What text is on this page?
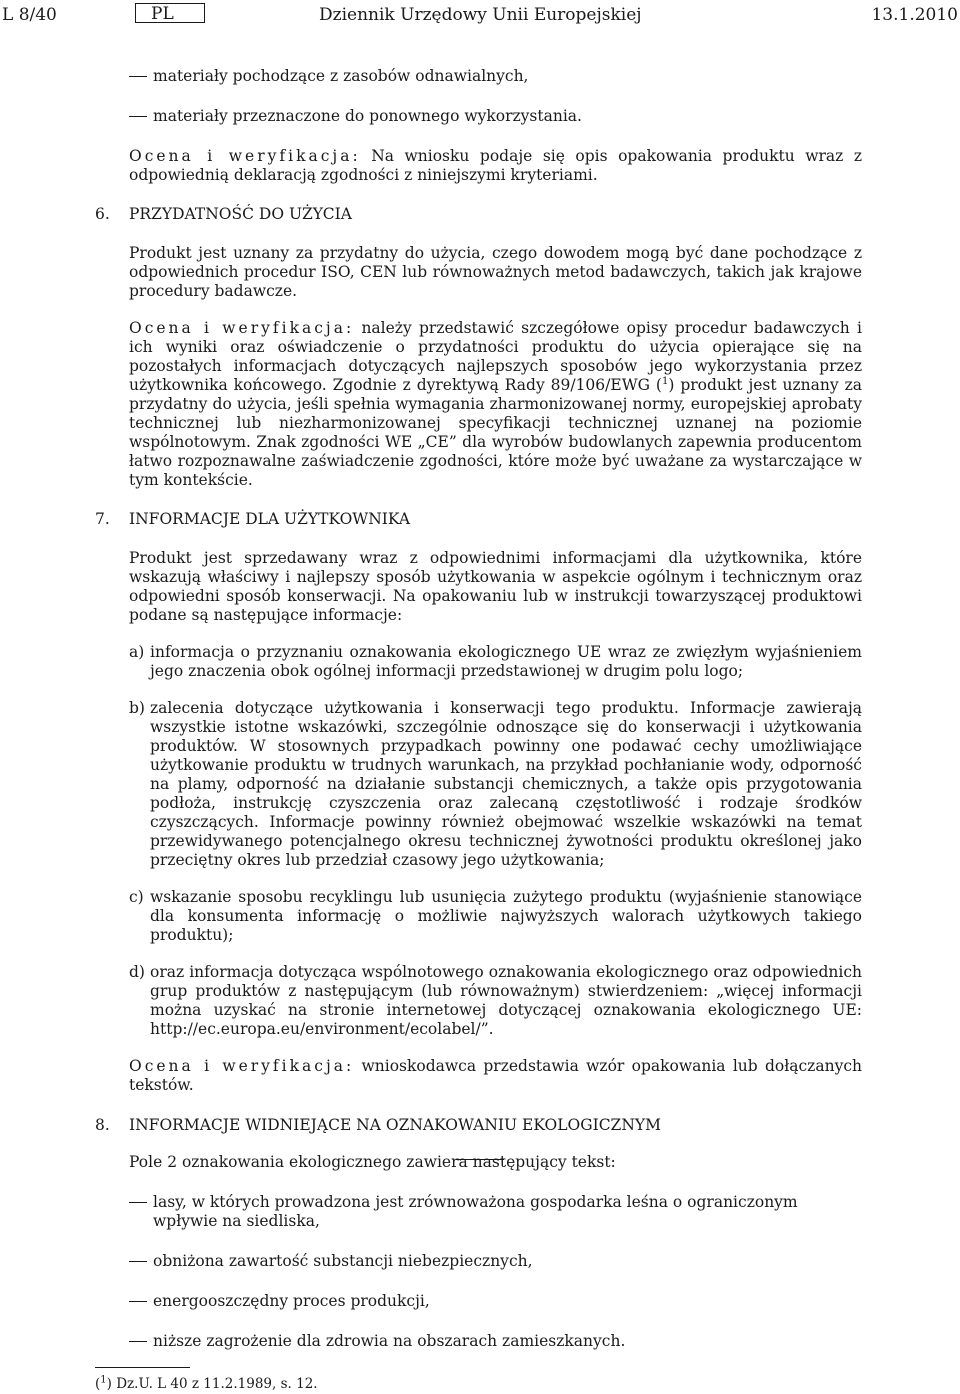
L 8/40	PL	Dziennik Urzędowy Unii Europejskiej	13.1.2010

materiały pochodzące z zasobów odnawialnych,

materiały przeznaczone do ponownego wykorzystania.

Ocena i weryfikacja: Na wniosku podaje się opis opakowania produktu wraz z odpowiednią deklaracją zgodności z niniejszymi kryteriami.

6. PRZYDATNOŚĆ DO UŻYCIA

Produkt jest uznany za przydatny do użycia, czego dowodem mogą być dane pochodzące z odpowiednich procedur ISO, CEN lub równoważnych metod badawczych, takich jak krajowe procedury badawcze.

Ocena i weryfikacja: należy przedstawić szczegółowe opisy procedur badawczych i ich wyniki oraz oświadczenie o przydatności produktu do użycia opierające się na pozostałych informacjach dotyczących najlepszych sposobów jego wykorzystania przez użytkownika końcowego. Zgodnie z dyrektywą Rady 89/106/EWG ($^1$) produkt jest uznany za przydatny do użycia, jeśli spełnia wymagania zharmonizowanej normy, europejskiej aprobaty technicznej lub niezharmonizowanej specyfikacji technicznej uznanej na poziomie wspólnotowym. Znak zgodności WE „CE” dla wyrobów budowlanych zapewnia producentom łatwo rozpoznawalne zaświadczenie zgodności, które może być uważane za wystarczające w tym kontekście.

7. INFORMACJE DLA UŻYTKOWNIKA

Produkt jest sprzedawany wraz z odpowiednimi informacjami dla użytkownika, które wskazują właściwy i najlepszy sposób użytkowania w aspekcie ogólnym i technicznym oraz odpowiedni sposób konserwacji. Na opakowaniu lub w instrukcji towarzyszącej produktowi podane są następujące informacje:

a) informacja o przyznaniu oznakowania ekologicznego UE wraz ze zwięzłym wyjaśnieniem jego znaczenia obok ogólnej informacji przedstawionej w drugim polu logo;

b) zalecenia dotyczące użytkowania i konserwacji tego produktu. Informacje zawierają wszystkie istotne wskazówki, szczególnie odnoszące się do konserwacji i użytkowania produktów. W stosownych przypadkach powinny one podawać cechy umożliwiające użytkowanie produktu w trudnych warunkach, na przykład pochłanianie wody, odporność na plamy, odporność na działanie substancji chemicznych, a także opis przygotowania podłoża, instrukcję czyszczenia oraz zalecaną częstotliwość i rodzaje środków czyszczących. Informacje powinny również obejmować wszelkie wskazówki na temat przewidywanego potencjalnego okresu technicznej żywotności produktu określonej jako przeciętny okres lub przedział czasowy jego użytkowania;

c) wskazanie sposobu recyklingu lub usunięcia zużytego produktu (wyjaśnienie stanowiące dla konsumenta informację o możliwie najwyższych walorach użytkowych takiego produktu);

d) oraz informacja dotycząca wspólnotowego oznakowania ekologicznego oraz odpowiednich grup produktów z następującym (lub równoważnym) stwierdzeniem: „więcej informacji można uzyskać na stronie internetowej dotyczącej oznakowania ekologicznego UE: http://ec.europa.eu/environment/ecolabel/”.

Ocena i weryfikacja: wnioskodawca przedstawia wzór opakowania lub dołączanych tekstów.

8. INFORMACJE WIDNIEJĄCE NA OZNAKOWANIU EKOLOGICZNYM

Pole 2 oznakowania ekologicznego zawiera następujący tekst:

lasy, w których prowadzona jest zrównoważona gospodarka leśna o ograniczonym wpływie na siedliska,

obniżona zawartość substancji niebezpiecznych,

energooszczędny proces produkcji,

niższe zagrożenie dla zdrowia na obszarach zamieszkanych.

($^1$) Dz.U. L 40 z 11.2.1989, s. 12.
